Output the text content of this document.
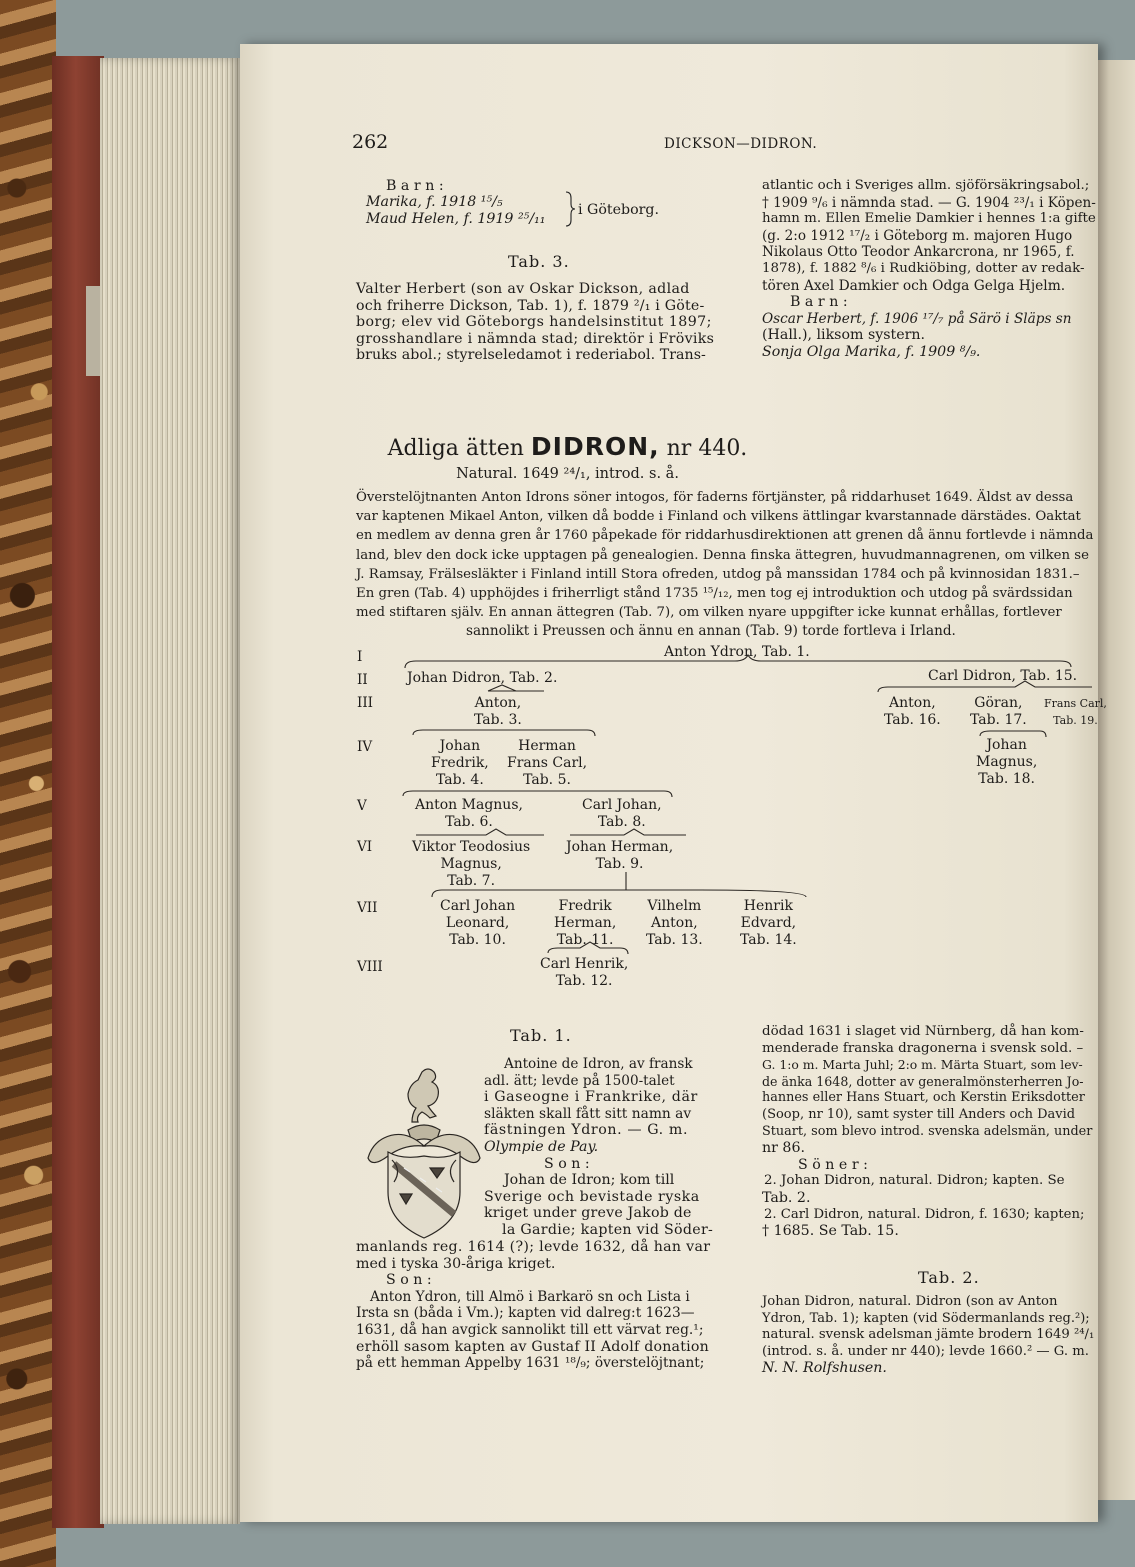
262	DICKSON—DIDRON.
B a r n :
Marika, f. 1918 ¹⁵/₅
Maud Helen, f. 1919 ²⁵/₁₁
i Göteborg.
Tab. 3.
Valter Herbert (son av Oskar Dickson, adlad
och friherre Dickson, Tab. 1), f. 1879 ²/₁ i Göte-
borg; elev vid Göteborgs handelsinstitut 1897;
grosshandlare i nämnda stad; direktör i Fröviks
bruks abol.; styrelseledamot i rederiabol. Trans-
atlantic och i Sveriges allm. sjöförsäkringsabol.;
† 1909 ⁹/₆ i nämnda stad. — G. 1904 ²³/₁ i Köpen-
hamn m. Ellen Emelie Damkier i hennes 1:a gifte
(g. 2:o 1912 ¹⁷/₂ i Göteborg m. majoren Hugo
Nikolaus Otto Teodor Ankarcrona, nr 1965, f.
1878), f. 1882 ⁸/₆ i Rudkiöbing, dotter av redak-
tören Axel Damkier och Odga Gelga Hjelm.
B a r n :
Oscar Herbert, f. 1906 ¹⁷/₇ på Särö i Släps sn
(Hall.), liksom systern.
Sonja Olga Marika, f. 1909 ⁸/₉.
Adliga ätten DIDRON, nr 440.
Natural. 1649 ²⁴/₁, introd. s. å.
Överstelöjtnanten Anton Idrons söner intogos, för faderns förtjänster, på riddarhuset 1649. Äldst av dessa
var kaptenen Mikael Anton, vilken då bodde i Finland och vilkens ättlingar kvarstannade därstädes. Oaktat
en medlem av denna gren år 1760 påpekade för riddarhusdirektionen att grenen då ännu fortlevde i nämnda
land, blev den dock icke upptagen på genealogien. Denna finska ättegren, huvudmannagrenen, om vilken se
J. Ramsay, Frälsesläkter i Finland intill Stora ofreden, utdog på manssidan 1784 och på kvinnosidan 1831.–
En gren (Tab. 4) upphöjdes i friherrligt stånd 1735 ¹⁵/₁₂, men tog ej introduktion och utdog på svärdssidan
med stiftaren själv. En annan ättegren (Tab. 7), om vilken nyare uppgifter icke kunnat erhållas, fortlever
sannolikt i Preussen och ännu en annan (Tab. 9) torde fortleva i Irland.
I
II
III
IV
V
VI
VII
VIII
Anton Ydron, Tab. 1.
Johan Didron, Tab. 2.	Carl Didron, Tab. 15.
Anton,
Tab. 3.
Anton,
Tab. 16.
Göran,
Tab. 17.
Frans Carl,
Tab. 19.
Johan
Fredrik,
Tab. 4.
Herman
Frans Carl,
Tab. 5.
Johan
Magnus,
Tab. 18.
Anton Magnus,
Tab. 6.
Carl Johan,
Tab. 8.
Viktor Teodosius
Magnus,
Tab. 7.
Johan Herman,
Tab. 9.
Carl Johan
Leonard,
Tab. 10.
Fredrik
Herman,
Tab. 11.
Vilhelm
Anton,
Tab. 13.
Henrik
Edvard,
Tab. 14.
Carl Henrik,
Tab. 12.
Tab. 1.
Antoine de Idron, av fransk
adl. ätt; levde på 1500-talet
i Gaseogne i Frankrike, där
släkten skall fått sitt namn av
fästningen Ydron. — G. m.
Olympie de Pay.
S o n :
Johan de Idron; kom till
Sverige och bevistade ryska
kriget under greve Jakob de
la Gardie; kapten vid Söder-
manlands reg. 1614 (?); levde 1632, då han var
med i tyska 30-åriga kriget.
S o n :
Anton Ydron, till Almö i Barkarö sn och Lista i
Irsta sn (båda i Vm.); kapten vid dalreg:t 1623—
1631, då han avgick sannolikt till ett värvat reg.¹;
erhöll sasom kapten av Gustaf II Adolf donation
på ett hemman Appelby 1631 ¹⁸/₉; överstelöjtnant;
dödad 1631 i slaget vid Nürnberg, då han kom-
menderade franska dragonerna i svensk sold. –
G. 1:o m. Marta Juhl; 2:o m. Märta Stuart, som lev-
de änka 1648, dotter av generalmönsterherren Jo-
hannes eller Hans Stuart, och Kerstin Eriksdotter
(Soop, nr 10), samt syster till Anders och David
Stuart, som blevo introd. svenska adelsmän, under
nr 86.
S ö n e r :
2. Johan Didron, natural. Didron; kapten. Se
Tab. 2.
2. Carl Didron, natural. Didron, f. 1630; kapten;
† 1685. Se Tab. 15.
Tab. 2.
Johan Didron, natural. Didron (son av Anton
Ydron, Tab. 1); kapten (vid Södermanlands reg.²);
natural. svensk adelsman jämte brodern 1649 ²⁴/₁
(introd. s. å. under nr 440); levde 1660.² — G. m.
N. N. Rolfshusen.
